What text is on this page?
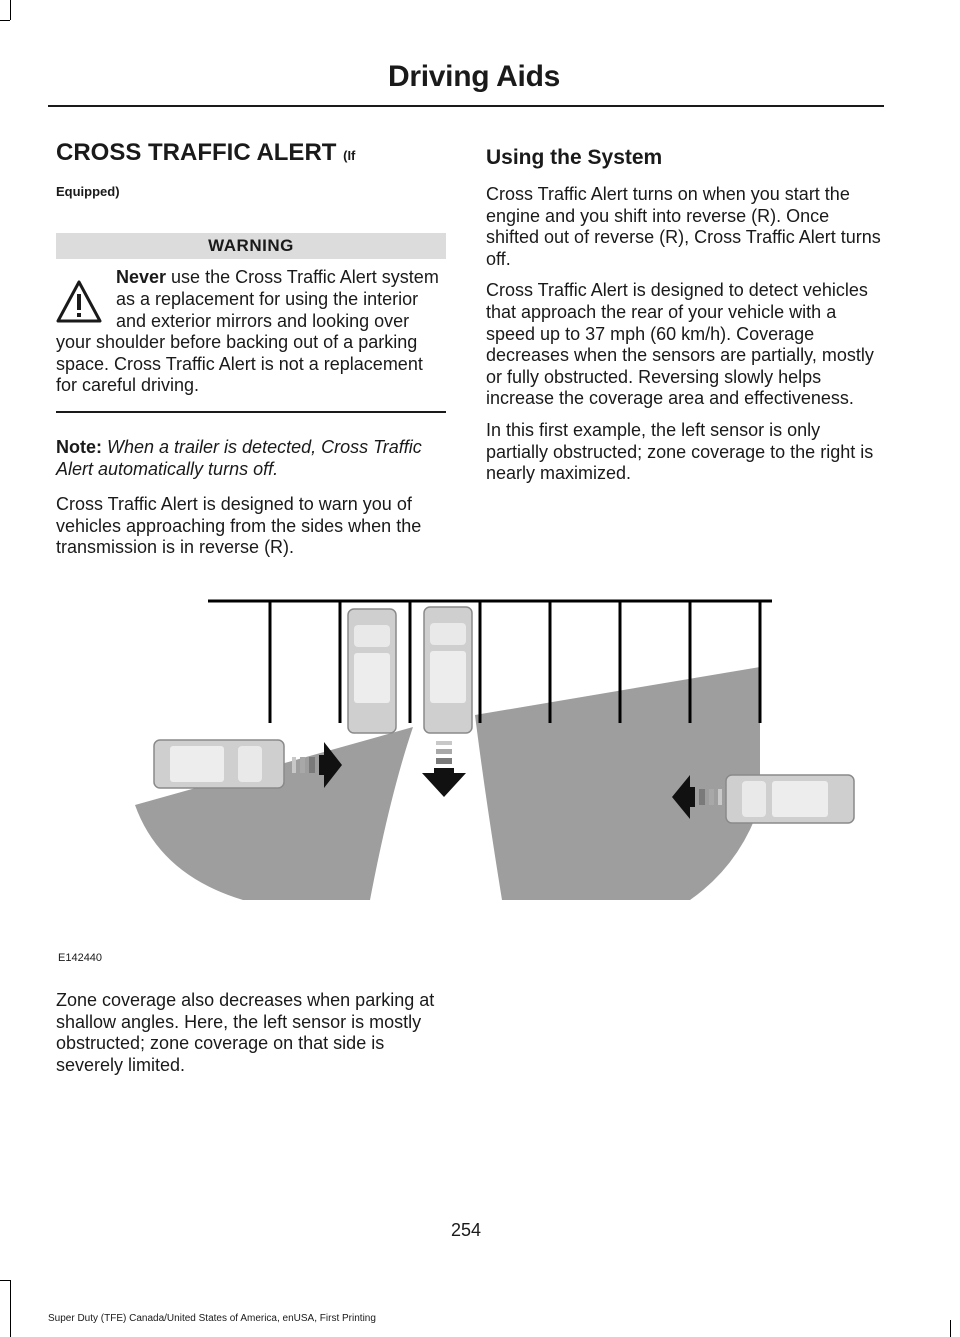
Driving Aids
CROSS TRAFFIC ALERT (If
Equipped)
WARNING
Never use the Cross Traffic Alert system as a replacement for using the interior and exterior mirrors and looking over your shoulder before backing out of a parking space. Cross Traffic Alert is not a replacement for careful driving.

Note: When a trailer is detected, Cross Traffic Alert automatically turns off.

Cross Traffic Alert is designed to warn you of vehicles approaching from the sides when the transmission is in reverse (R).

Using the System

Cross Traffic Alert turns on when you start the engine and you shift into reverse (R). Once shifted out of reverse (R), Cross Traffic Alert turns off.

Cross Traffic Alert is designed to detect vehicles that approach the rear of your vehicle with a speed up to 37 mph (60 km/h). Coverage decreases when the sensors are partially, mostly or fully obstructed. Reversing slowly helps increase the coverage area and effectiveness.

In this first example, the left sensor is only partially obstructed; zone coverage to the right is nearly maximized.

E142440
Zone coverage also decreases when parking at shallow angles. Here, the left sensor is mostly obstructed; zone coverage on that side is severely limited.
254
Super Duty (TFE) Canada/United States of America, enUSA, First Printing
